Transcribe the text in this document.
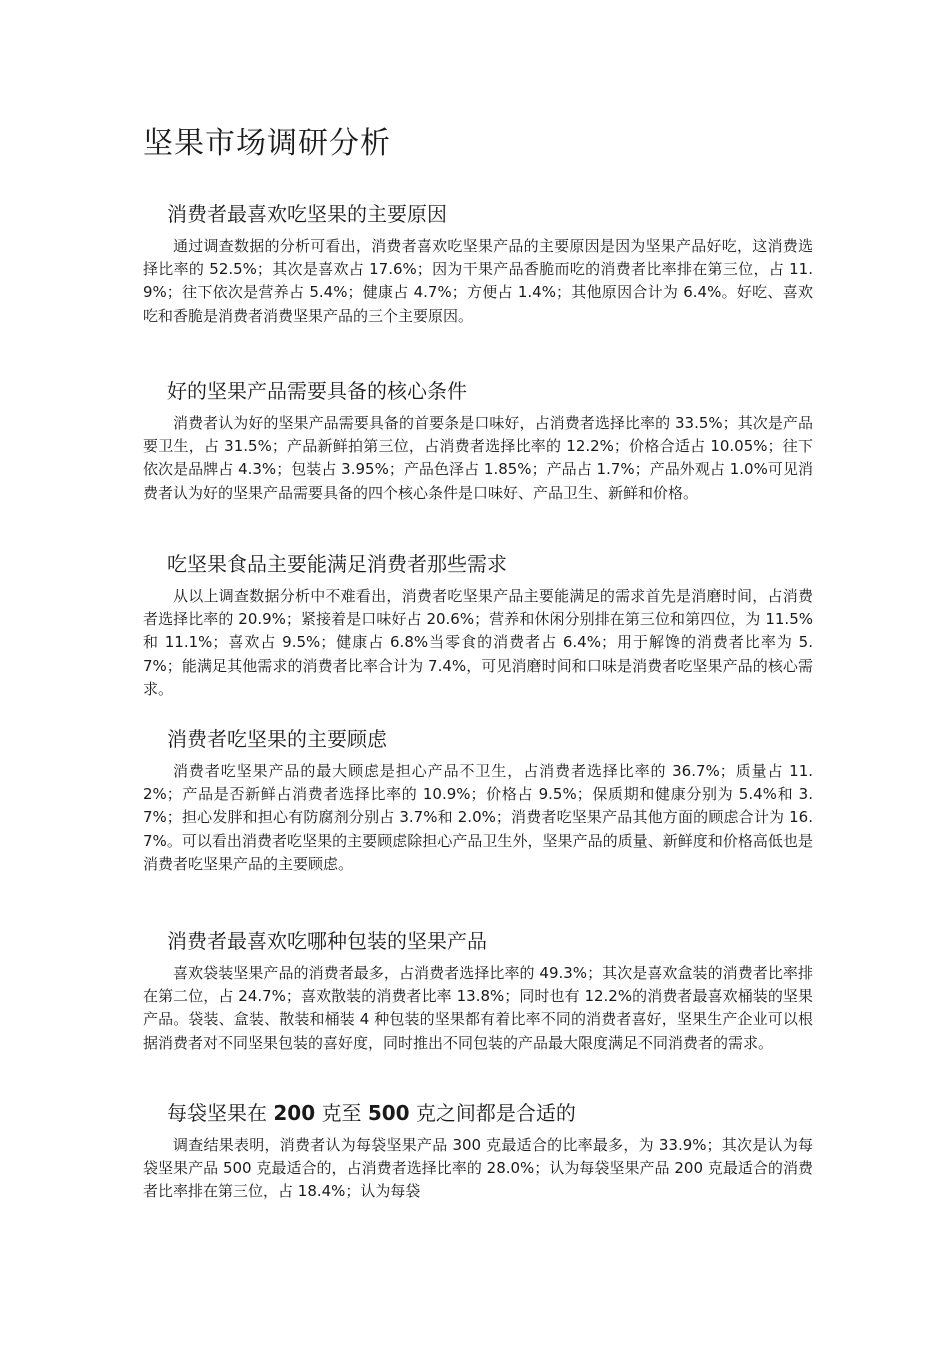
坚果市场调研分析
消费者最喜欢吃坚果的主要原因

通过调查数据的分析可看出，消费者喜欢吃坚果产品的主要原因是因为坚果产品好吃，这消费选择比率的 52.5%；其次是喜欢占 17.6%；因为干果产品香脆而吃的消费者比率排在第三位，占 11.9%；往下依次是营养占 5.4%；健康占 4.7%；方便占 1.4%；其他原因合计为 6.4%。好吃、喜欢吃和香脆是消费者消费坚果产品的三个主要原因。

好的坚果产品需要具备的核心条件

消费者认为好的坚果产品需要具备的首要条是口味好，占消费者选择比率的 33.5%；其次是产品要卫生，占 31.5%；产品新鲜拍第三位，占消费者选择比率的 12.2%；价格合适占 10.05%；往下依次是品牌占 4.3%；包装占 3.95%；产品色泽占 1.85%；产品占 1.7%；产品外观占 1.0%可见消费者认为好的坚果产品需要具备的四个核心条件是口味好、产品卫生、新鲜和价格。

吃坚果食品主要能满足消费者那些需求

从以上调查数据分析中不难看出，消费者吃坚果产品主要能满足的需求首先是消磨时间，占消费者选择比率的 20.9%；紧接着是口味好占 20.6%；营养和休闲分别排在第三位和第四位，为 11.5%和 11.1%；喜欢占 9.5%；健康占 6.8%当零食的消费者占 6.4%；用于解馋的消费者比率为 5.7%；能满足其他需求的消费者比率合计为 7.4%，可见消磨时间和口味是消费者吃坚果产品的核心需求。

消费者吃坚果的主要顾虑

消费者吃坚果产品的最大顾虑是担心产品不卫生，占消费者选择比率的 36.7%；质量占 11.2%；产品是否新鲜占消费者选择比率的 10.9%；价格占 9.5%；保质期和健康分别为 5.4%和 3.7%；担心发胖和担心有防腐剂分别占 3.7%和 2.0%；消费者吃坚果产品其他方面的顾虑合计为 16.7%。可以看出消费者吃坚果的主要顾虑除担心产品卫生外，坚果产品的质量、新鲜度和价格高低也是消费者吃坚果产品的主要顾虑。

消费者最喜欢吃哪种包装的坚果产品

喜欢袋装坚果产品的消费者最多，占消费者选择比率的 49.3%；其次是喜欢盒装的消费者比率排在第二位，占 24.7%；喜欢散装的消费者比率 13.8%；同时也有 12.2%的消费者最喜欢桶装的坚果产品。袋装、盒装、散装和桶装 4 种包装的坚果都有着比率不同的消费者喜好，坚果生产企业可以根据消费者对不同坚果包装的喜好度，同时推出不同包装的产品最大限度满足不同消费者的需求。

每袋坚果在 200 克至 500 克之间都是合适的

调查结果表明，消费者认为每袋坚果产品 300 克最适合的比率最多，为 33.9%；其次是认为每袋坚果产品 500 克最适合的，占消费者选择比率的 28.0%；认为每袋坚果产品 200 克最适合的消费者比率排在第三位，占 18.4%；认为每袋
